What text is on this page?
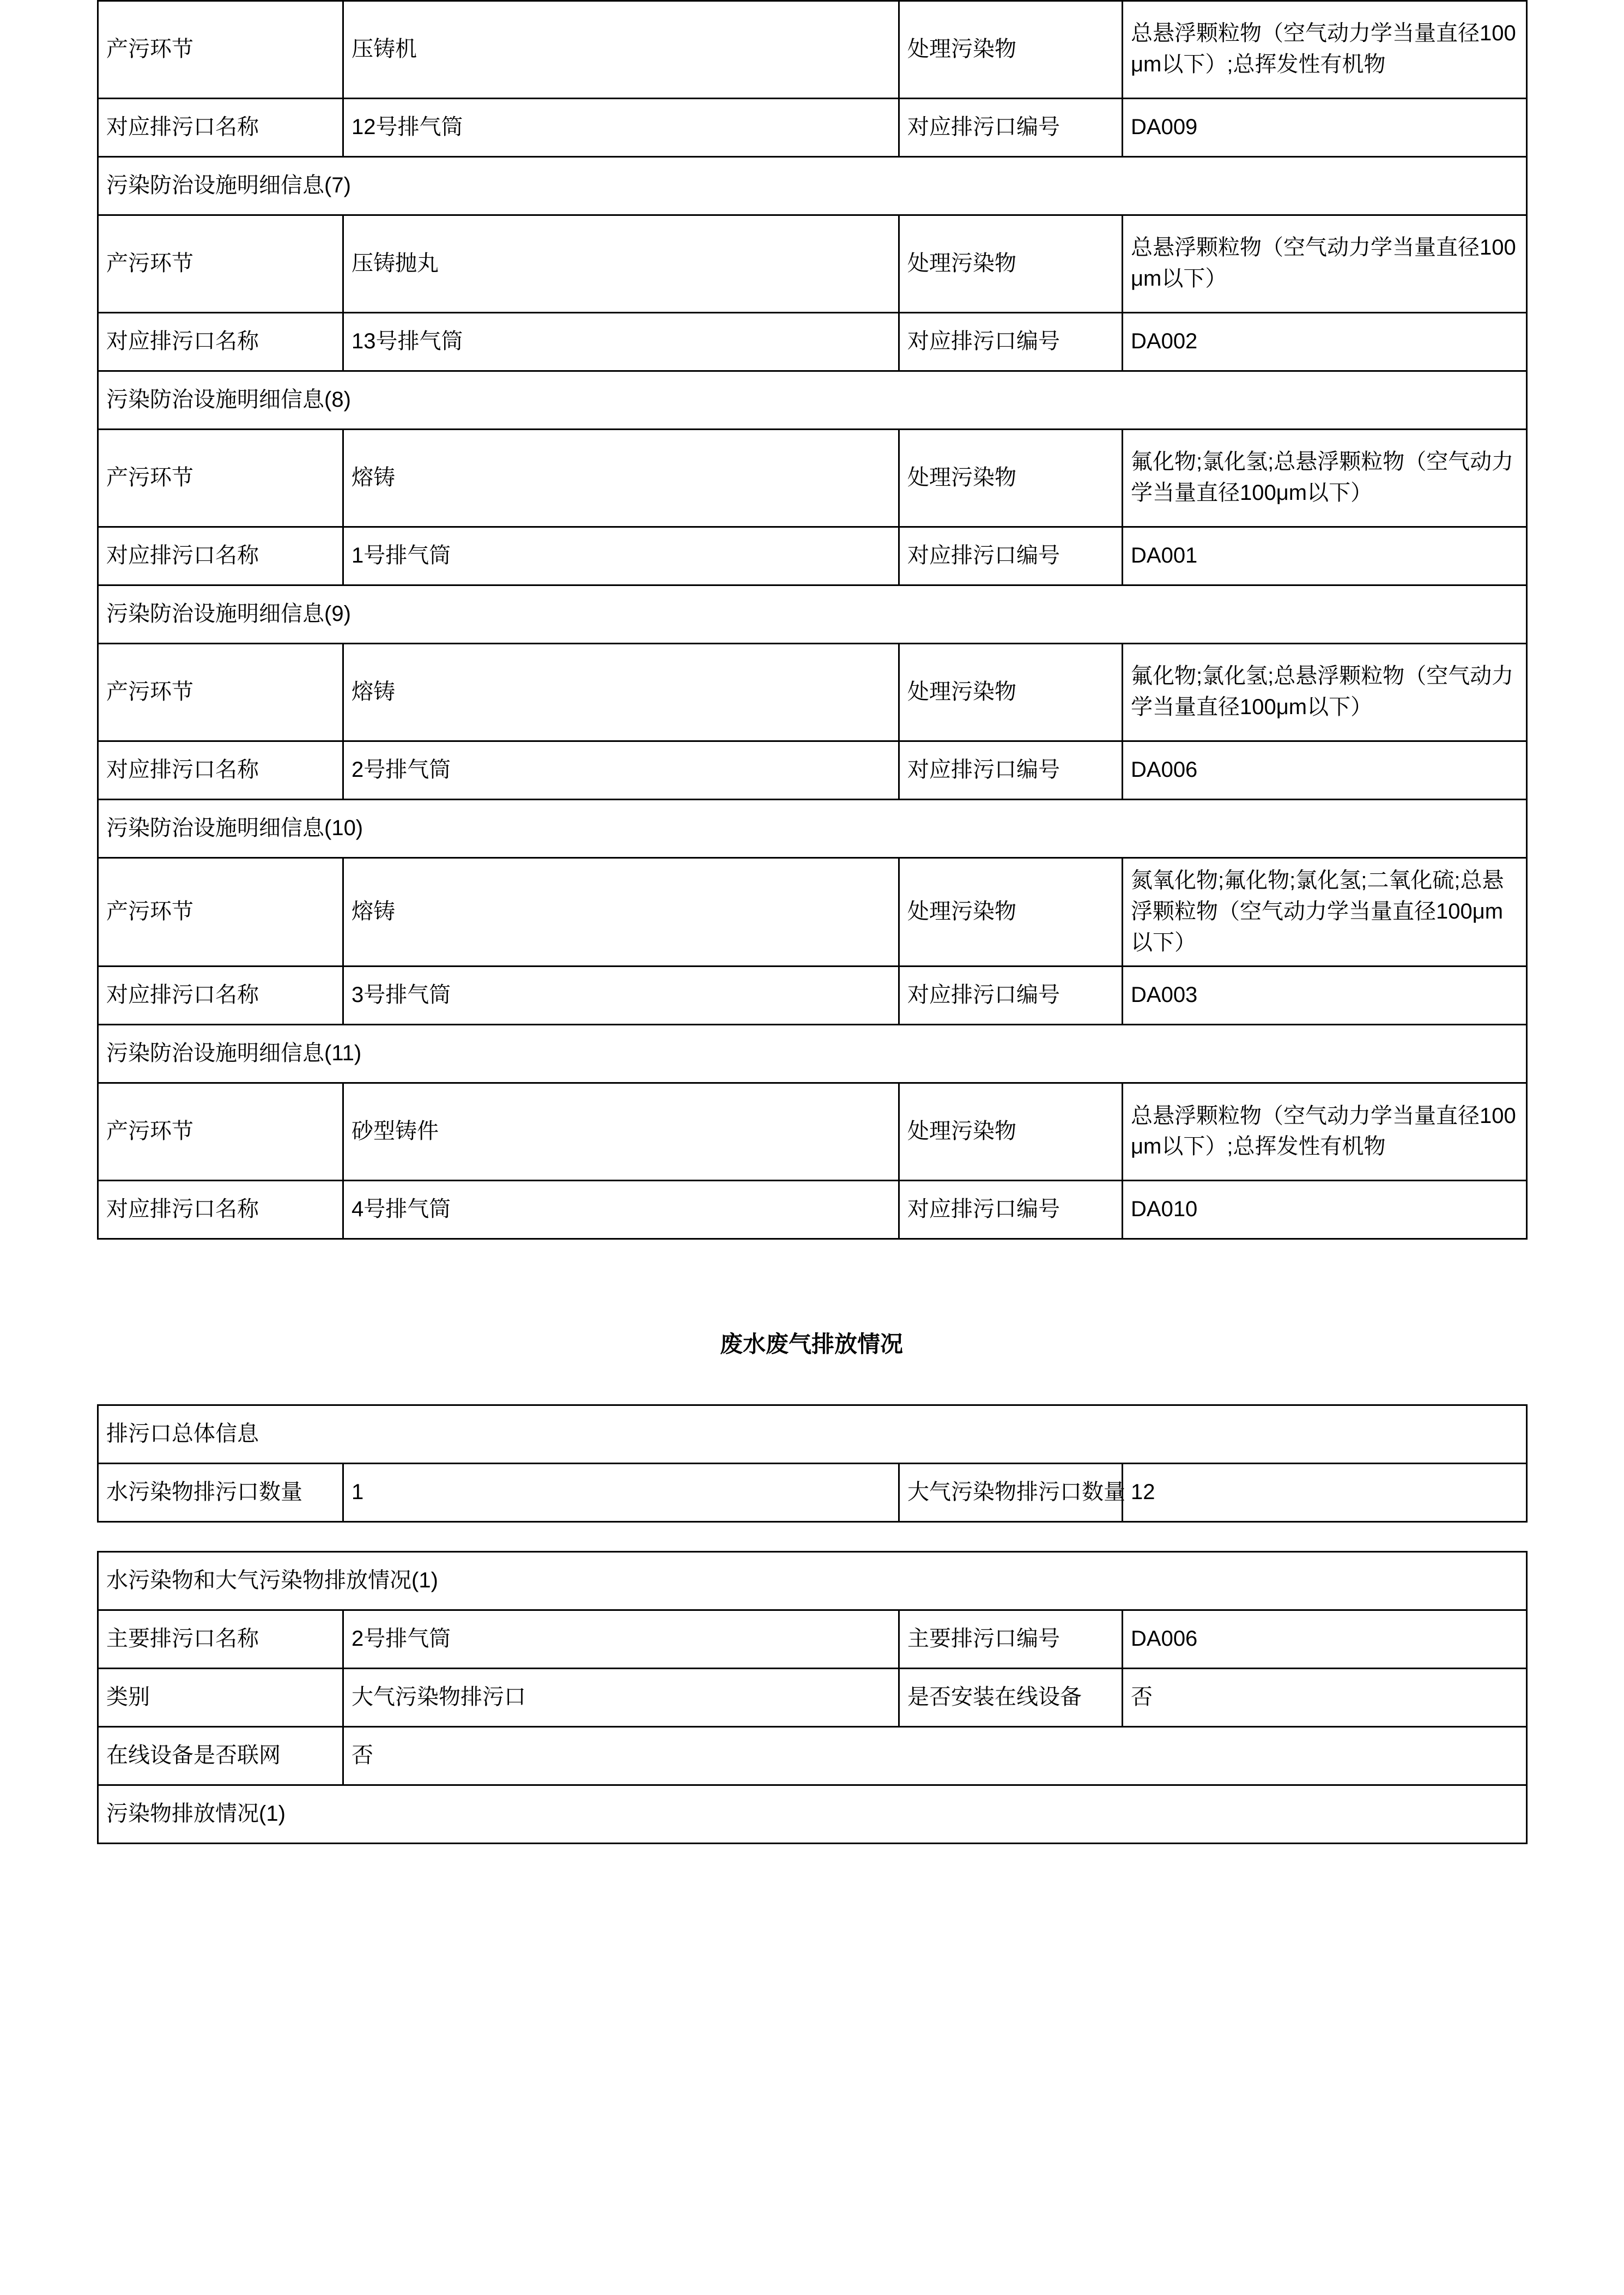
产污环节	压铸机	处理污染物	总悬浮颗粒物（空气动力学当量直径100μm以下）;总挥发性有机物
对应排污口名称	12号排气筒	对应排污口编号	DA009
污染防治设施明细信息(7)			
产污环节	压铸抛丸	处理污染物	总悬浮颗粒物（空气动力学当量直径100μm以下）
对应排污口名称	13号排气筒	对应排污口编号	DA002
污染防治设施明细信息(8)			
产污环节	熔铸	处理污染物	氟化物;氯化氢;总悬浮颗粒物（空气动力学当量直径100μm以下）
对应排污口名称	1号排气筒	对应排污口编号	DA001
污染防治设施明细信息(9)			
产污环节	熔铸	处理污染物	氟化物;氯化氢;总悬浮颗粒物（空气动力学当量直径100μm以下）
对应排污口名称	2号排气筒	对应排污口编号	DA006
污染防治设施明细信息(10)			
产污环节	熔铸	处理污染物	氮氧化物;氟化物;氯化氢;二氧化硫;总悬浮颗粒物（空气动力学当量直径100μm以下）
对应排污口名称	3号排气筒	对应排污口编号	DA003
污染防治设施明细信息(11)			
产污环节	砂型铸件	处理污染物	总悬浮颗粒物（空气动力学当量直径100μm以下）;总挥发性有机物
对应排污口名称	4号排气筒	对应排污口编号	DA010
废水废气排放情况
排污口总体信息
水污染物排污口数量	1	大气污染物排污口数量	12
水污染物和大气污染物排放情况(1)			
主要排污口名称	2号排气筒	主要排污口编号	DA006
类别	大气污染物排污口	是否安装在线设备	否
在线设备是否联网	否		
污染物排放情况(1)			
